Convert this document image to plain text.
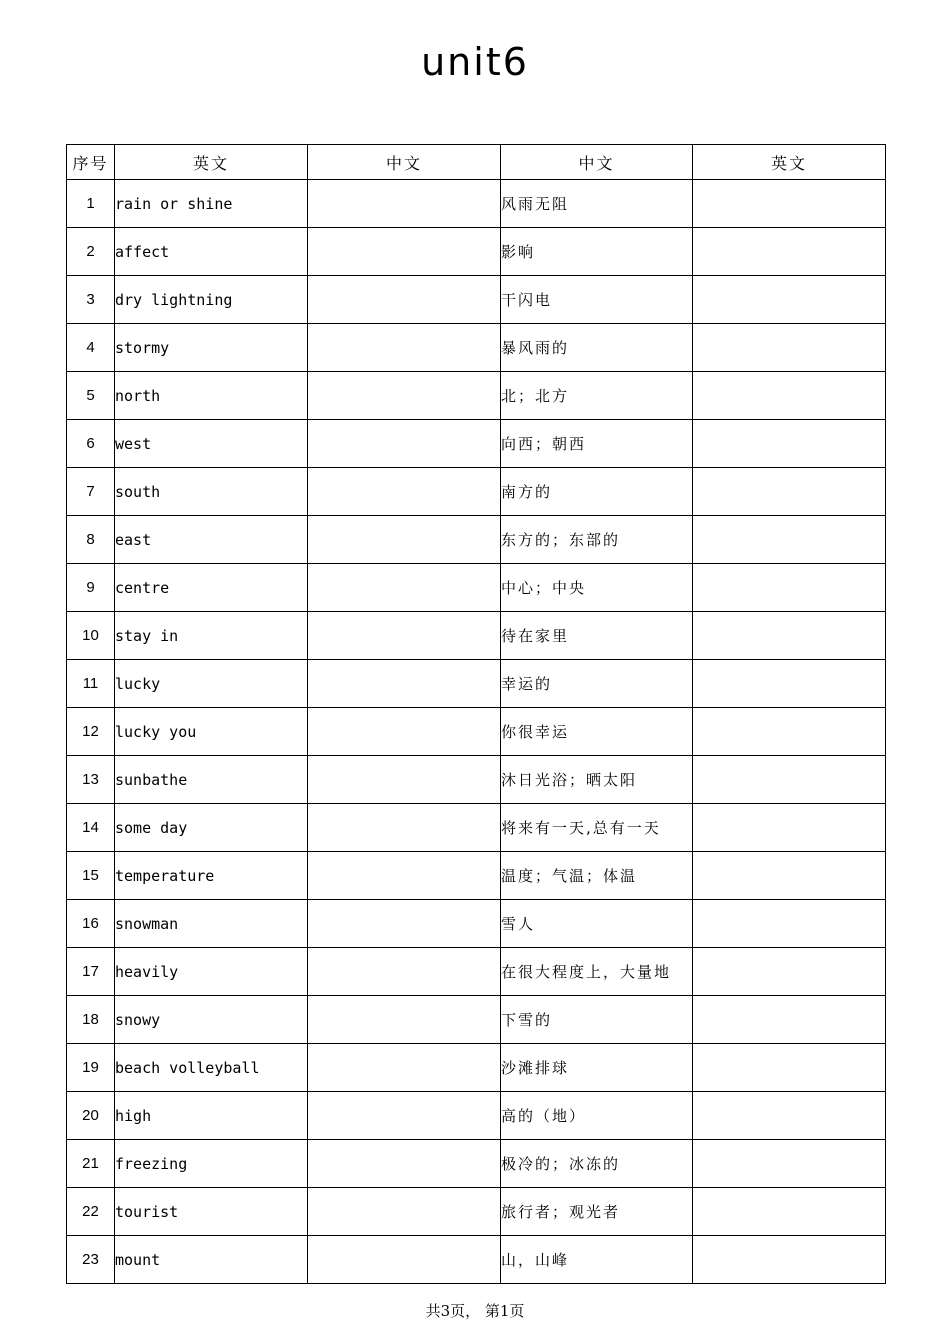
unit6
序号	英文	中文	中文	英文
1	rain or shine		风雨无阻	
2	affect		影响	
3	dry lightning		干闪电	
4	stormy		暴风雨的	
5	north		北；北方	
6	west		向西；朝西	
7	south		南方的	
8	east		东方的；东部的	
9	centre		中心；中央	
10	stay in		待在家里	
11	lucky		幸运的	
12	lucky you		你很幸运	
13	sunbathe		沐日光浴；晒太阳	
14	some day		将来有一天,总有一天	
15	temperature		温度；气温；体温	
16	snowman		雪人	
17	heavily		在很大程度上，大量地	
18	snowy		下雪的	
19	beach volleyball		沙滩排球	
20	high		高的（地）	
21	freezing		极冷的；冰冻的	
22	tourist		旅行者；观光者	
23	mount		山，山峰	
共3页， 第1页
